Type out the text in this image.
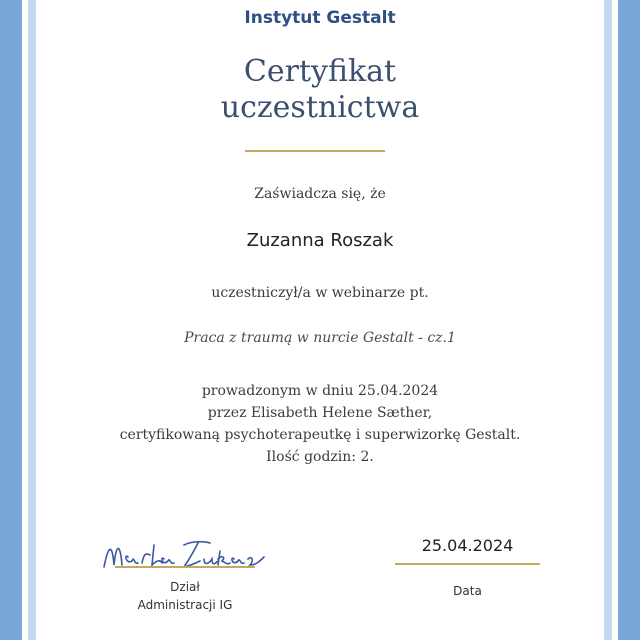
Instytut Gestalt
Certyfikat
uczestnictwa
Zaświadcza się, że
Zuzanna Roszak
uczestniczył/a w webinarze pt.
Praca z traumą w nurcie Gestalt - cz.1
prowadzonym w dniu 25.04.2024
przez Elisabeth Helene Sæther,
certyfikowaną psychoterapeutkę i superwizorkę Gestalt.
Ilość godzin: 2.
Dział
Administracji IG
25.04.2024
Data
